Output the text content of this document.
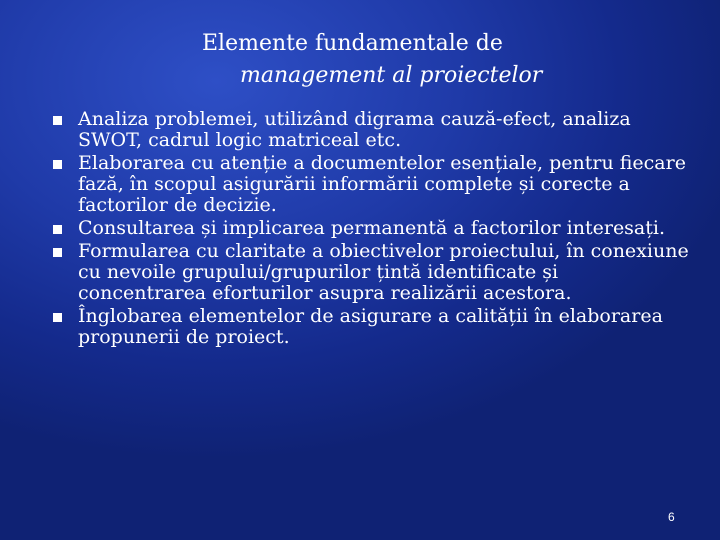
Elemente fundamentale de
management al proiectelor
Analiza problemei, utilizând digrama cauză-efect, analiza SWOT, cadrul logic matriceal etc.
Elaborarea cu atenție a documentelor esențiale, pentru fiecare fază, în scopul asigurării informării complete și corecte a factorilor de decizie.
Consultarea și implicarea permanentă a factorilor interesați.
Formularea cu claritate a obiectivelor proiectului, în conexiune cu nevoile grupului/grupurilor țintă identificate și concentrarea eforturilor asupra realizării acestora.
Înglobarea elementelor de asigurare a calității în elaborarea propunerii de proiect.
6
